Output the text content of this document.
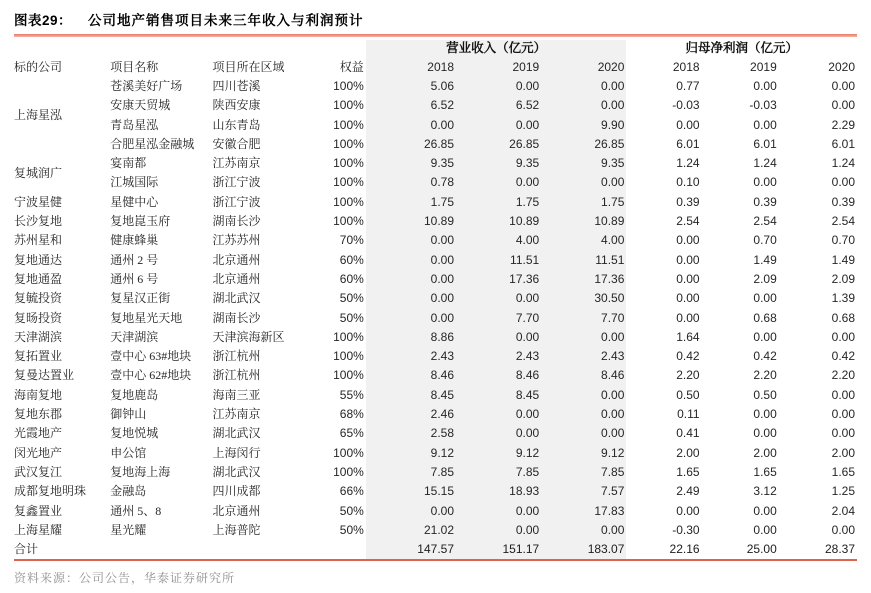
图表29： 公司地产销售项目未来三年收入与利润预计
				营业收入（亿元）			归母净利润（亿元）		
标的公司	项目名称	项目所在区域	权益	2018	2019	2020	2018	2019	2020
上海星泓	苍溪美好广场	四川苍溪	100%	5.06	0.00	0.00	0.77	0.00	0.00
	安康天贸城	陕西安康	100%	6.52	6.52	0.00	-0.03	-0.03	0.00
	青岛星泓	山东青岛	100%	0.00	0.00	9.90	0.00	0.00	2.29
	合肥星泓金融城	安徽合肥	100%	26.85	26.85	26.85	6.01	6.01	6.01
复城润广	宴南都	江苏南京	100%	9.35	9.35	9.35	1.24	1.24	1.24
	江城国际	浙江宁波	100%	0.78	0.00	0.00	0.10	0.00	0.00
宁波星健	星健中心	浙江宁波	100%	1.75	1.75	1.75	0.39	0.39	0.39
长沙复地	复地崑玉府	湖南长沙	100%	10.89	10.89	10.89	2.54	2.54	2.54
苏州星和	健康蜂巢	江苏苏州	70%	0.00	4.00	4.00	0.00	0.70	0.70
复地通达	通州 2 号	北京通州	60%	0.00	11.51	11.51	0.00	1.49	1.49
复地通盈	通州 6 号	北京通州	60%	0.00	17.36	17.36	0.00	2.09	2.09
复毓投资	复星汉正街	湖北武汉	50%	0.00	0.00	30.50	0.00	0.00	1.39
复旸投资	复地星光天地	湖南长沙	50%	0.00	7.70	7.70	0.00	0.68	0.68
天津湖滨	天津湖滨	天津滨海新区	100%	8.86	0.00	0.00	1.64	0.00	0.00
复拓置业	壹中心 63#地块	浙江杭州	100%	2.43	2.43	2.43	0.42	0.42	0.42
复曼达置业	壹中心 62#地块	浙江杭州	100%	8.46	8.46	8.46	2.20	2.20	2.20
海南复地	复地鹿岛	海南三亚	55%	8.45	8.45	0.00	0.50	0.50	0.00
复地东郡	御钟山	江苏南京	68%	2.46	0.00	0.00	0.11	0.00	0.00
光霞地产	复地悦城	湖北武汉	65%	2.58	0.00	0.00	0.41	0.00	0.00
闵光地产	申公馆	上海闵行	100%	9.12	9.12	9.12	2.00	2.00	2.00
武汉复江	复地海上海	湖北武汉	100%	7.85	7.85	7.85	1.65	1.65	1.65
成都复地明珠	金融岛	四川成都	66%	15.15	18.93	7.57	2.49	3.12	1.25
复鑫置业	通州 5、8	北京通州	50%	0.00	0.00	17.83	0.00	0.00	2.04
上海星耀	星光耀	上海普陀	50%	21.02	0.00	0.00	-0.30	0.00	0.00
合计				147.57	151.17	183.07	22.16	25.00	28.37
资料来源：公司公告，华泰证券研究所
